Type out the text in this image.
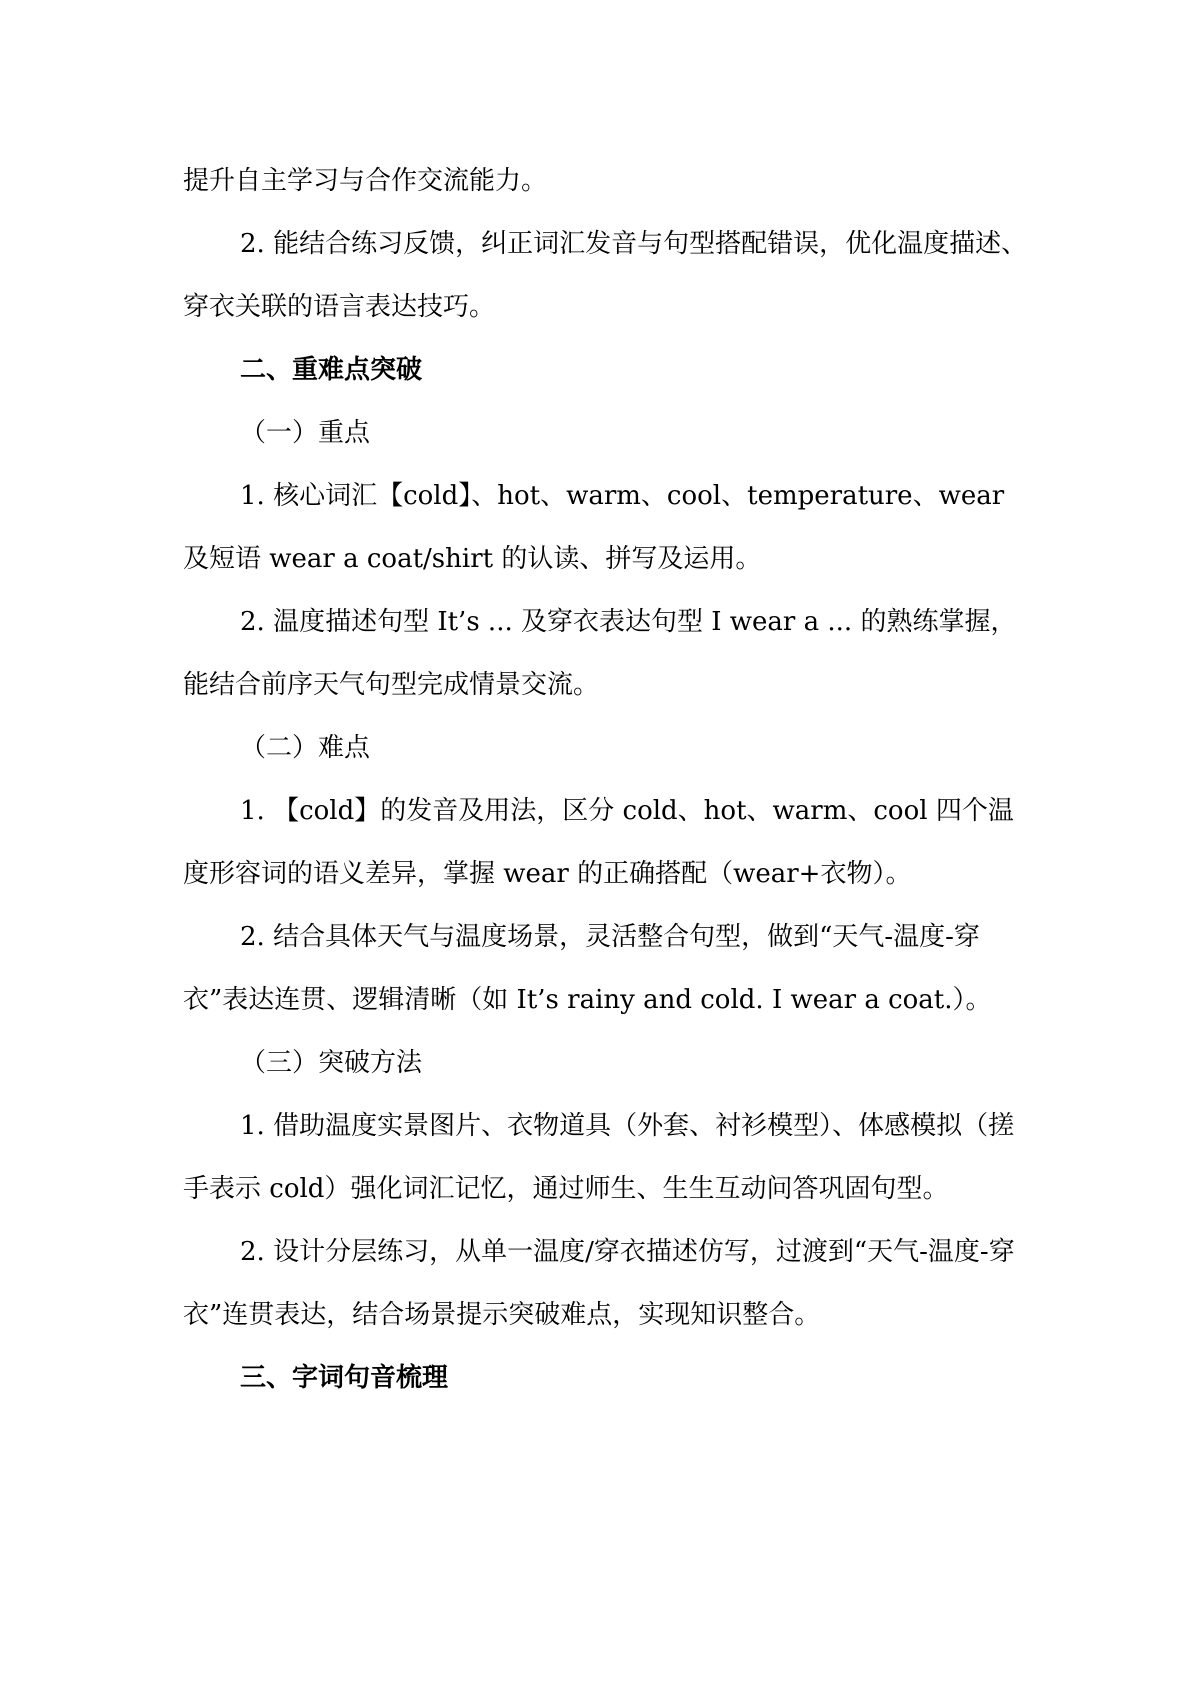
提升自主学习与合作交流能力。

2. 能结合练习反馈，纠正词汇发音与句型搭配错误，优化温度描述、穿衣关联的语言表达技巧。

二、重难点突破

（一）重点

1. 核心词汇【cold】、hot、warm、cool、temperature、wear 及短语 wear a coat/shirt 的认读、拼写及运用。

2. 温度描述句型 It’s ... 及穿衣表达句型 I wear a ... 的熟练掌握，能结合前序天气句型完成情景交流。

（二）难点

1. 【cold】的发音及用法，区分 cold、hot、warm、cool 四个温度形容词的语义差异，掌握 wear 的正确搭配（wear+衣物）。

2. 结合具体天气与温度场景，灵活整合句型，做到“天气-温度-穿衣”表达连贯、逻辑清晰（如 It’s rainy and cold. I wear a coat.）。

（三）突破方法

1. 借助温度实景图片、衣物道具（外套、衬衫模型）、体感模拟（搓手表示 cold）强化词汇记忆，通过师生、生生互动问答巩固句型。

2. 设计分层练习，从单一温度/穿衣描述仿写，过渡到“天气-温度-穿衣”连贯表达，结合场景提示突破难点，实现知识整合。

三、字词句音梳理
